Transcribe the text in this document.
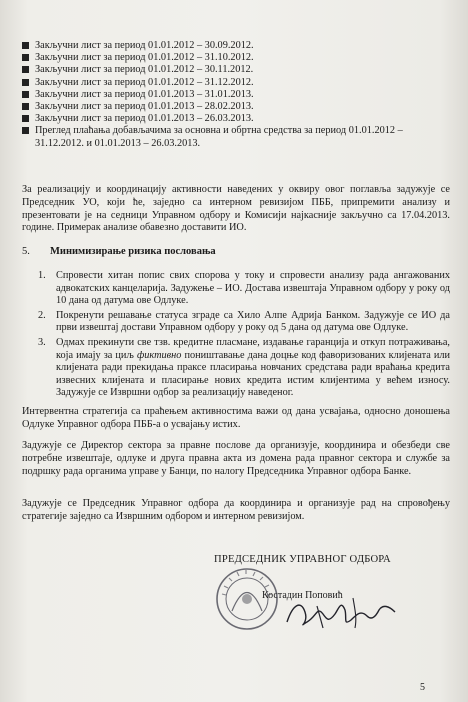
Закључни лист за период 01.01.2012 – 30.09.2012.
Закључни лист за период 01.01.2012 – 31.10.2012.
Закључни лист за период 01.01.2012 – 30.11.2012.
Закључни лист за период 01.01.2012 – 31.12.2012.
Закључни лист за период 01.01.2013 – 31.01.2013.
Закључни лист за период 01.01.2013 – 28.02.2013.
Закључни лист за период 01.01.2013 – 26.03.2013.
Преглед плаћања добављачима за основна и обртна средства за период 01.01.2012 –
31.12.2012. и 01.01.2013 – 26.03.2013.
За реализацију и координацију активности наведених у оквиру овог поглавља задужује се Председник УО, који ће, заједно са интерном ревизијом ПББ, припремити анализу и презентовати је на седници Управном одбору и Комисији најкасније закључно са 17.04.2013. године. Примерак анализе обавезно доставити ИО.
5. Минимизирање ризика пословања
1. Спровести хитан попис свих спорова у току и спровести анализу рада ангажованих адвокатских канцеларија. Задужење – ИО. Достава извештаја Управном одбору у року од 10 дана од датума ове Одлуке.
2. Покренути решавање статуса зграде са Хило Алпе Адрија Банком. Задужује се ИО да први извештај достави Управном одбору у року од 5 дана од датума ове Одлуке.
3. Одмах прекинути све тзв. кредитне пласмане, издавање гаранција и откуп потраживања, која имају за циљ фиктивно поништавање дана доцње код фаворизованих клијената или клијената ради прекидања праксе пласирања новчаних средстава ради враћања кредита извесних клијената и пласирање нових кредита истим клијентима у већем износу. Задужује се Извршни одбор за реализацију наведеног.
Интервентна стратегија са праћењем активностима важи од дана усвајања, односно доношења Одлуке Управног одбора ПББ-а о усвајању истих.
Задужује се Директор сектора за правне послове да организује, координира и обезбеди све потребне извештаје, одлуке и друга правна акта из домена рада правног сектора и службе за подршку рада органима управе у Банци, по налогу Председника Управног одбора Банке.
Задужује се Председник Управног одбора да координира и организује рад на спровођењу стратегије заједно са Извршним одбором и интерном ревизијом.
ПРЕДСЕДНИК УПРАВНОГ ОДБОРА
Костадин Поповић
5
